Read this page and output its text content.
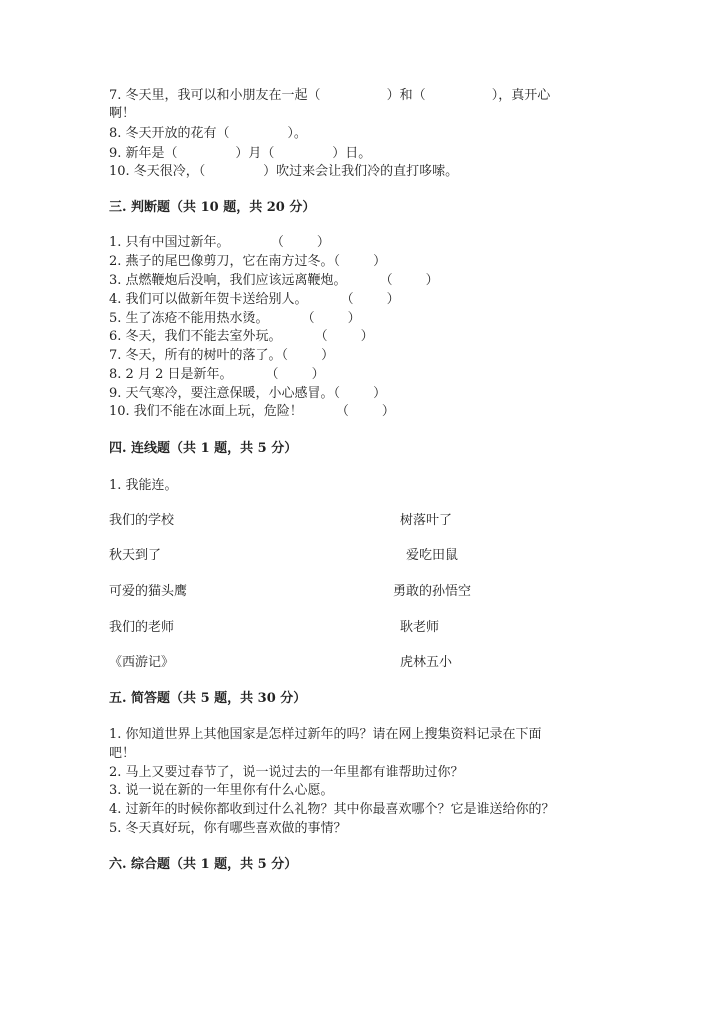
7. 冬天里，我可以和小朋友在一起（                ）和（                ），真开心
啊！
8. 冬天开放的花有（              ）。
9. 新年是（              ）月（              ）日。
10. 冬天很冷，（              ）吹过来会让我们冷的直打哆嗦。
三. 判断题（共 10 题，共 20 分）
1. 只有中国过新年。          （        ）
2. 燕子的尾巴像剪刀，它在南方过冬。（        ）
3. 点燃鞭炮后没响，我们应该远离鞭炮。        （        ）
4. 我们可以做新年贺卡送给别人。        （        ）
5. 生了冻疮不能用热水烫。        （        ）
6. 冬天，我们不能去室外玩。        （        ）
7. 冬天，所有的树叶的落了。（        ）
8. 2 月 2 日是新年。        （        ）
9. 天气寒冷，要注意保暖，小心感冒。（        ）
10. 我们不能在冰面上玩，危险！        （        ）
四. 连线题（共 1 题，共 5 分）
1. 我能连。
我们的学校	树落叶了
秋天到了	爱吃田鼠
可爱的猫头鹰	勇敢的孙悟空
我们的老师	耿老师
《西游记》	虎林五小
五. 简答题（共 5 题，共 30 分）
1. 你知道世界上其他国家是怎样过新年的吗？请在网上搜集资料记录在下面
吧！
2. 马上又要过春节了，说一说过去的一年里都有谁帮助过你？
3. 说一说在新的一年里你有什么心愿。
4. 过新年的时候你都收到过什么礼物？其中你最喜欢哪个？它是谁送给你的？
5. 冬天真好玩，你有哪些喜欢做的事情？
六. 综合题（共 1 题，共 5 分）
